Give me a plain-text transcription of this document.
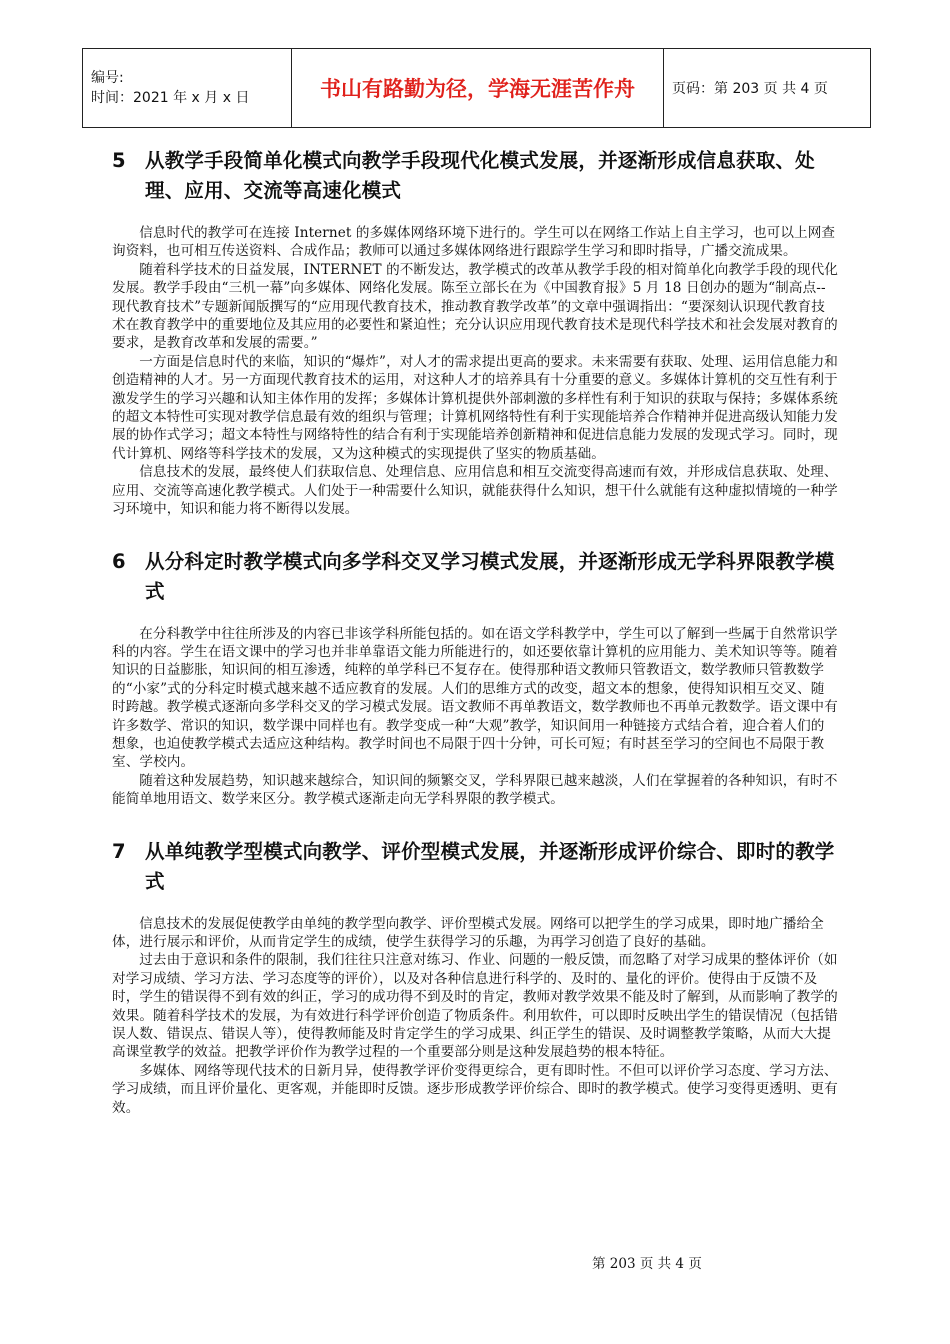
编号:
时间：2021 年 x 月 x 日	书山有路勤为径，学海无涯苦作舟	页码：第 203 页 共 4 页
5 从教学手段简单化模式向教学手段现代化模式发展，并逐渐形成信息获取、处理、应用、交流等高速化模式

信息时代的教学可在连接 Internet 的多媒体网络环境下进行的。学生可以在网络工作站上自主学习，也可以上网查询资料，也可相互传送资料、合成作品；教师可以通过多媒体网络进行跟踪学生学习和即时指导，广播交流成果。

随着科学技术的日益发展，INTERNET 的不断发达，教学模式的改革从教学手段的相对简单化向教学手段的现代化发展。教学手段由“三机一幕”向多媒体、网络化发展。陈至立部长在为《中国教育报》5 月 18 日创办的题为“制高点--现代教育技术”专题新闻版撰写的“应用现代教育技术，推动教育教学改革”的文章中强调指出：“要深刻认识现代教育技术在教育教学中的重要地位及其应用的必要性和紧迫性；充分认识应用现代教育技术是现代科学技术和社会发展对教育的要求，是教育改革和发展的需要。”

一方面是信息时代的来临，知识的“爆炸”，对人才的需求提出更高的要求。未来需要有获取、处理、运用信息能力和创造精神的人才。另一方面现代教育技术的运用，对这种人才的培养具有十分重要的意义。多媒体计算机的交互性有利于激发学生的学习兴趣和认知主体作用的发挥；多媒体计算机提供外部刺激的多样性有利于知识的获取与保持；多媒体系统的超文本特性可实现对教学信息最有效的组织与管理；计算机网络特性有利于实现能培养合作精神并促进高级认知能力发展的协作式学习；超文本特性与网络特性的结合有利于实现能培养创新精神和促进信息能力发展的发现式学习。同时，现代计算机、网络等科学技术的发展，又为这种模式的实现提供了坚实的物质基础。

信息技术的发展，最终使人们获取信息、处理信息、应用信息和相互交流变得高速而有效，并形成信息获取、处理、应用、交流等高速化教学模式。人们处于一种需要什么知识，就能获得什么知识，想干什么就能有这种虚拟情境的一种学习环境中，知识和能力将不断得以发展。

6 从分科定时教学模式向多学科交叉学习模式发展，并逐渐形成无学科界限教学模式

在分科教学中往往所涉及的内容已非该学科所能包括的。如在语文学科教学中，学生可以了解到一些属于自然常识学科的内容。学生在语文课中的学习也并非单靠语文能力所能进行的，如还要依靠计算机的应用能力、美术知识等等。随着知识的日益膨胀，知识间的相互渗透，纯粹的单学科已不复存在。使得那种语文教师只管教语文，数学教师只管教数学的“小家”式的分科定时模式越来越不适应教育的发展。人们的思维方式的改变，超文本的想象，使得知识相互交叉、随时跨越。教学模式逐渐向多学科交叉的学习模式发展。语文教师不再单教语文，数学教师也不再单元教数学。语文课中有许多数学、常识的知识，数学课中同样也有。教学变成一种“大观”教学，知识间用一种链接方式结合着，迎合着人们的想象，也迫使教学模式去适应这种结构。教学时间也不局限于四十分钟，可长可短；有时甚至学习的空间也不局限于教室、学校内。

随着这种发展趋势，知识越来越综合，知识间的频繁交叉，学科界限已越来越淡，人们在掌握着的各种知识，有时不能简单地用语文、数学来区分。教学模式逐渐走向无学科界限的教学模式。

7 从单纯教学型模式向教学、评价型模式发展，并逐渐形成评价综合、即时的教学式

信息技术的发展促使教学由单纯的教学型向教学、评价型模式发展。网络可以把学生的学习成果，即时地广播给全体，进行展示和评价，从而肯定学生的成绩，使学生获得学习的乐趣，为再学习创造了良好的基础。

过去由于意识和条件的限制，我们往往只注意对练习、作业、问题的一般反馈，而忽略了对学习成果的整体评价（如对学习成绩、学习方法、学习态度等的评价），以及对各种信息进行科学的、及时的、量化的评价。使得由于反馈不及时，学生的错误得不到有效的纠正，学习的成功得不到及时的肯定，教师对教学效果不能及时了解到，从而影响了教学的效果。随着科学技术的发展，为有效进行科学评价创造了物质条件。利用软件，可以即时反映出学生的错误情况（包括错误人数、错误点、错误人等），使得教师能及时肯定学生的学习成果、纠正学生的错误、及时调整教学策略，从而大大提高课堂教学的效益。把教学评价作为教学过程的一个重要部分则是这种发展趋势的根本特征。

多媒体、网络等现代技术的日新月异，使得教学评价变得更综合，更有即时性。不但可以评价学习态度、学习方法、学习成绩，而且评价量化、更客观，并能即时反馈。逐步形成教学评价综合、即时的教学模式。使学习变得更透明、更有效。

第 203 页 共 4 页
